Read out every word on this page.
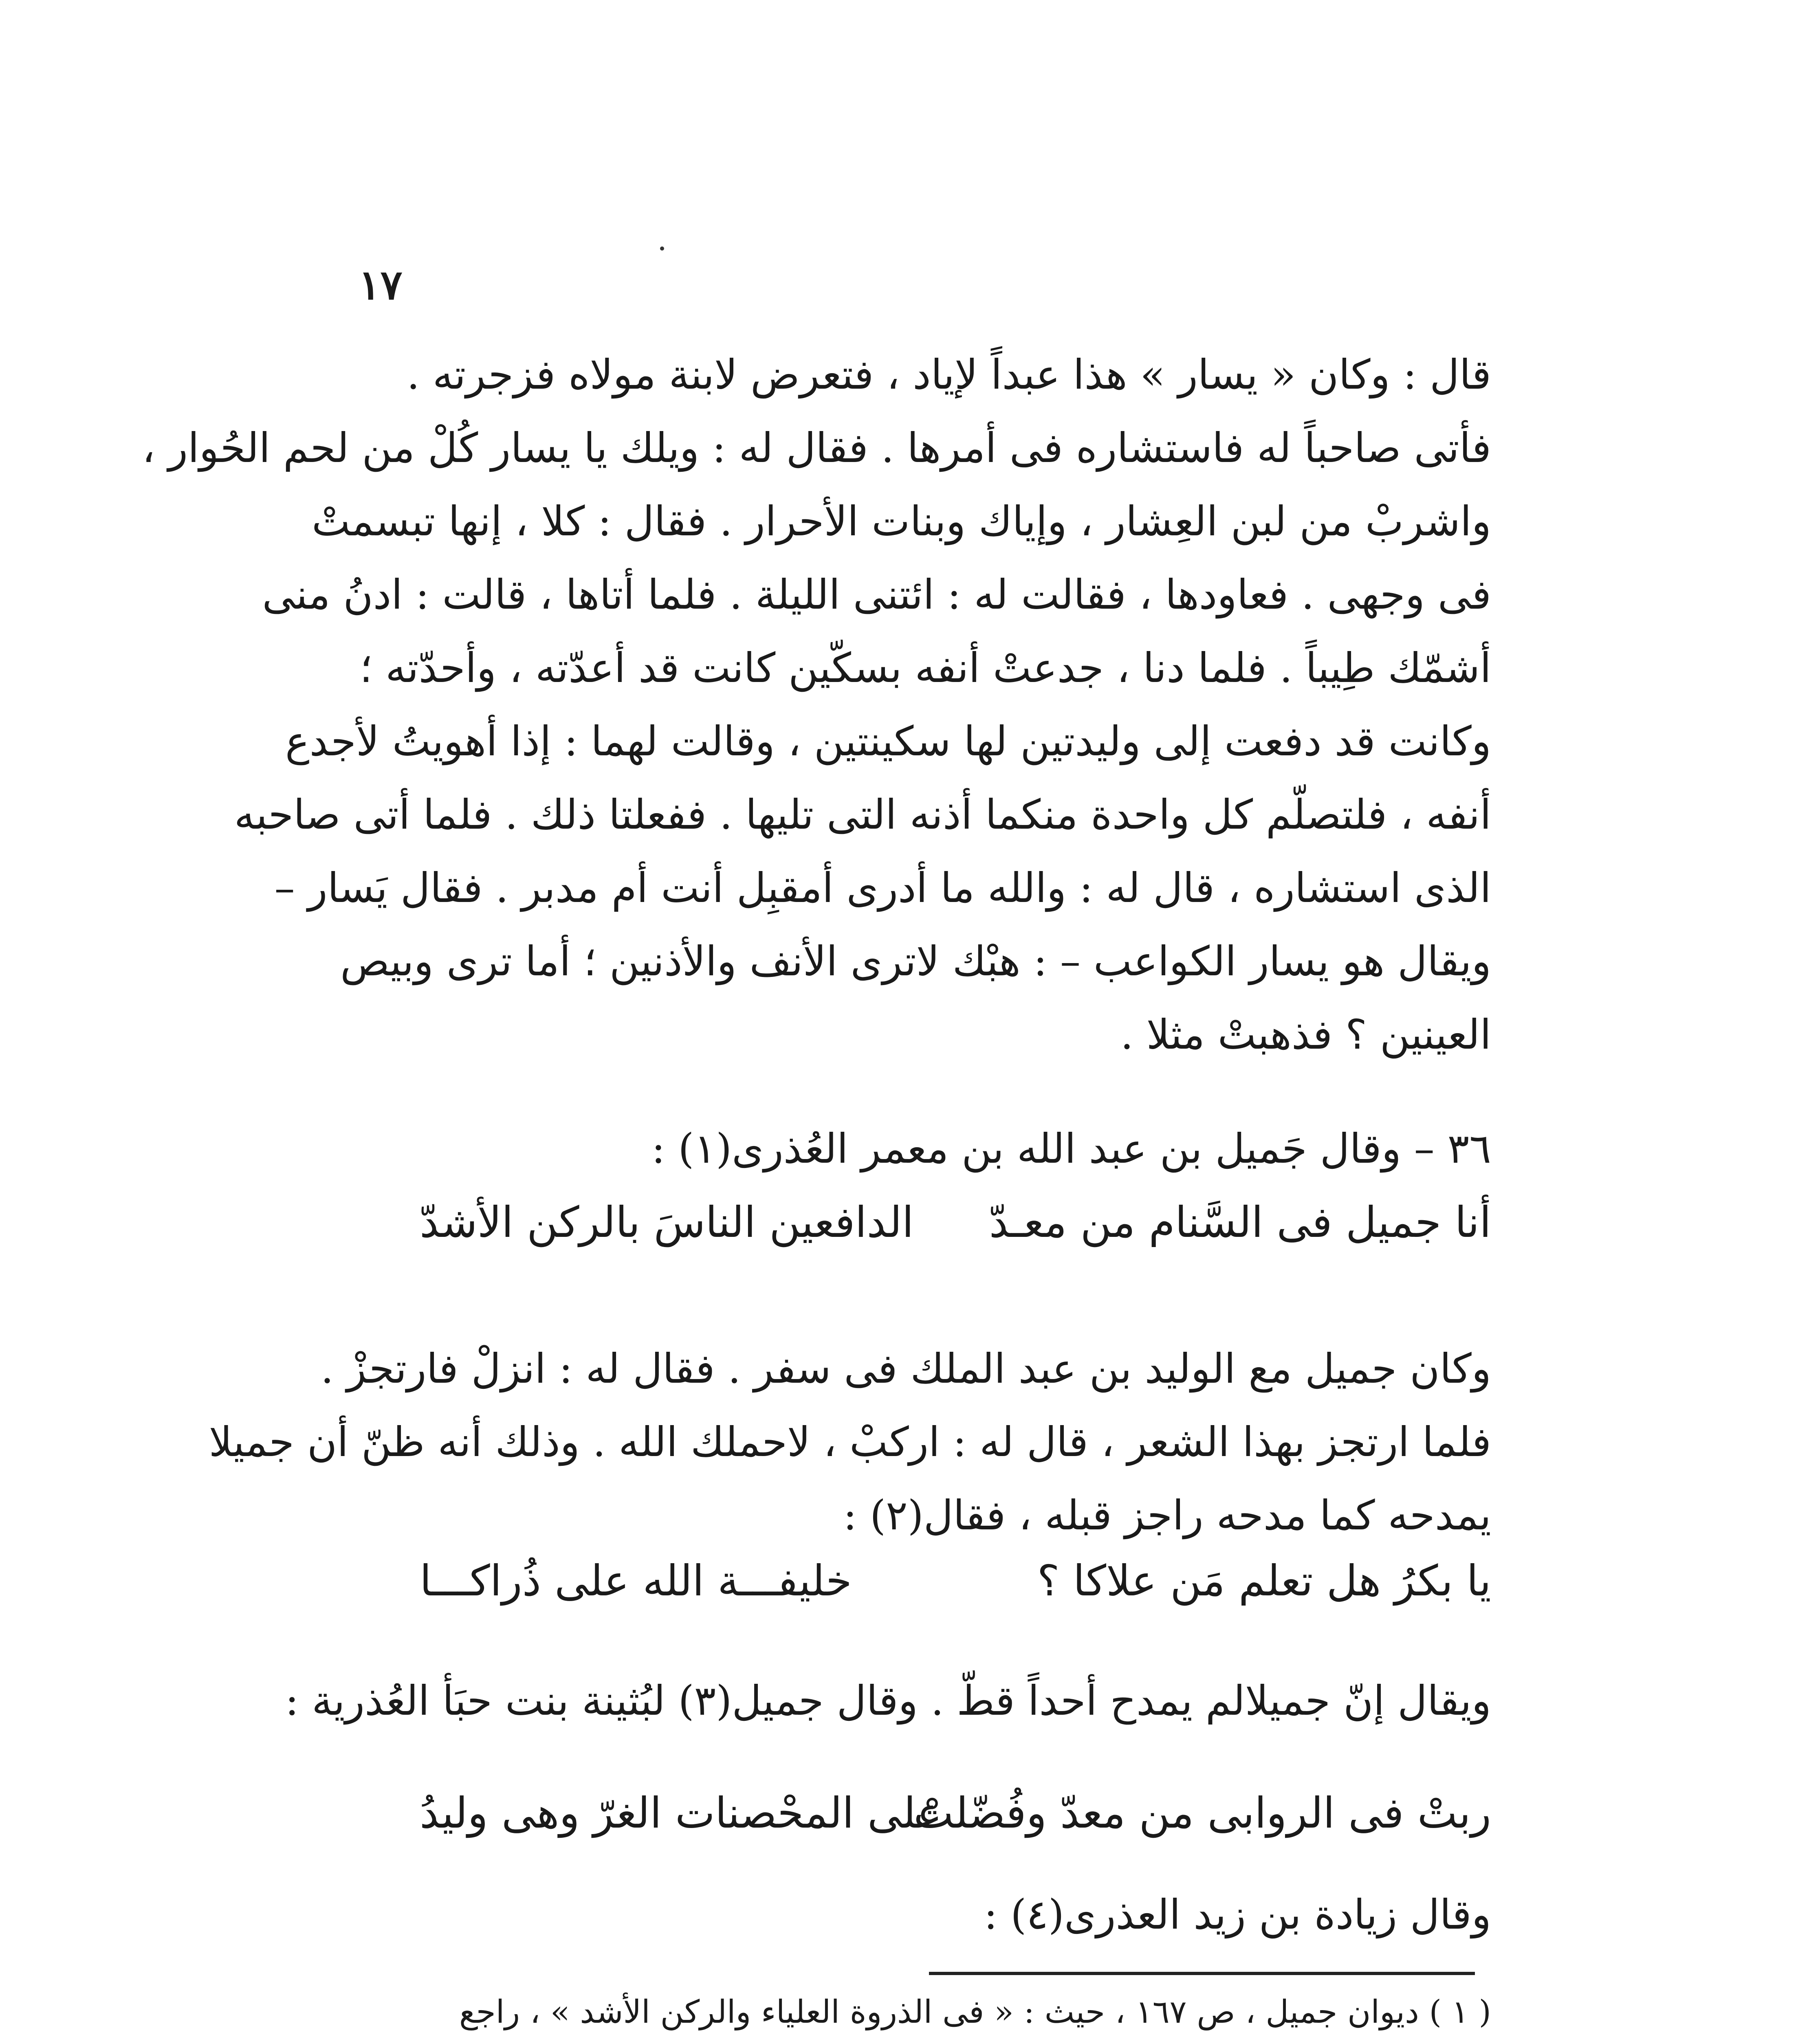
١٧
قال : وكان « يسار » هذا عبداً لإياد ، فتعرض لابنة مولاه فزجرته .
فأتى صاحباً له فاستشاره فى أمرها . فقال له : ويلك يا يسار كُلْ من لحم الحُوار ،
واشربْ من لبن العِشار ، وإياك وبنات الأحرار . فقال : كلا ، إنها تبسمتْ
فى وجهى . فعاودها ، فقالت له : ائتنى الليلة . فلما أتاها ، قالت : ادنُ منى
أشمّك طِيباً . فلما دنا ، جدعتْ أنفه بسكّين كانت قد أعدّته ، وأحدّته ؛
وكانت قد دفعت إلى وليدتين لها سكينتين ، وقالت لهما : إذا أهويتُ لأجدع
أنفه ، فلتصلّم كل واحدة منكما أذنه التى تليها . ففعلتا ذلك . فلما أتى صاحبه
الذى استشاره ، قال له : والله ما أدرى أمقبِل أنت أم مدبر . فقال يَسار –
ويقال هو يسار الكواعب – : هبْك لاترى الأنف والأذنين ؛ أما ترى وبيص
العينين ؟ فذهبتْ مثلا .
٣٦ – وقال جَميل بن عبد الله بن معمر العُذرى(١) :
أنا جميل فى السَّنام من معـدّ
الدافعين الناسَ بالركن الأشدّ
وكان جميل مع الوليد بن عبد الملك فى سفر . فقال له : انزلْ فارتجزْ .
فلما ارتجز بهذا الشعر ، قال له : اركبْ ، لاحملك الله . وذلك أنه ظنّ أن جميلا
يمدحه كما مدحه راجز قبله ، فقال(٢) :
يا بكرُ هل تعلم مَن علاكا ؟
خليفـــة الله على ذُراكـــا
ويقال إنّ جميلالم يمدح أحداً قطّ . وقال جميل(٣) لبُثينة بنت حبَأ العُذرية :
ربتْ فى الروابى من معدّ وفُضّلتْ
على المحْصنات الغرّ وهى وليدُ
وقال زيادة بن زيد العذرى(٤) :
( ١ ) ديوان جميل ، ص ١٦٧ ، حيث : « فى الذروة العلياء والركن الأشد » ، راجع
